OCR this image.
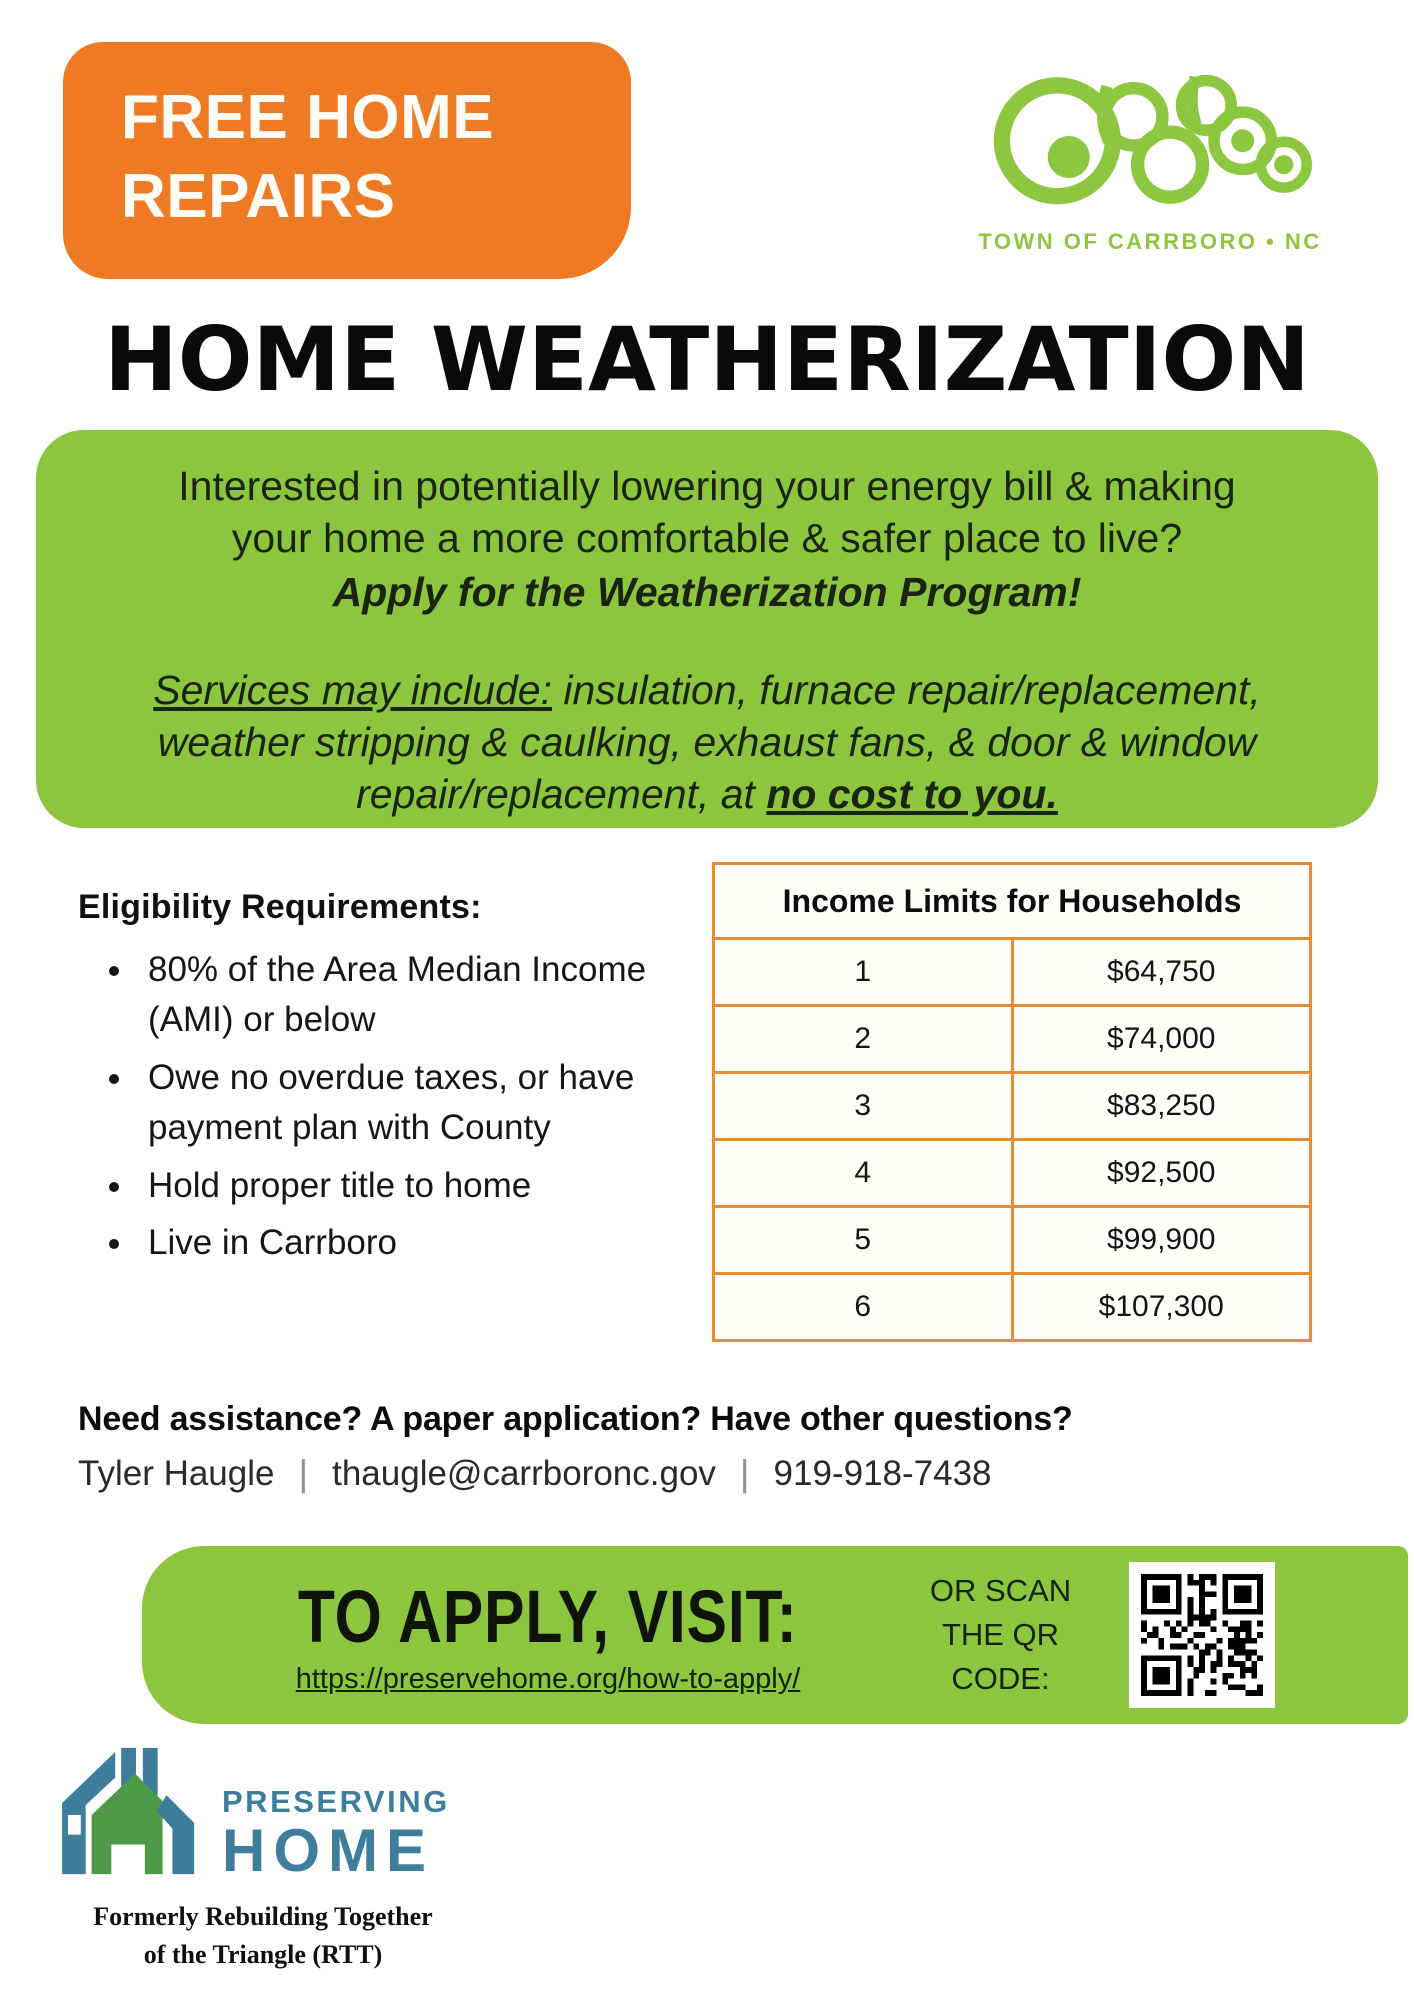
FREE HOME
REPAIRS
TOWN OF CARRBORO • NC
HOME WEATHERIZATION
Interested in potentially lowering your energy bill & making
your home a more comfortable & safer place to live?
Apply for the Weatherization Program!
Services may include: insulation, furnace repair/replacement,
weather stripping & caulking, exhaust fans, & door & window
repair/replacement, at no cost to you.
Eligibility Requirements:
• 80% of the Area Median Income (AMI) or below
• Owe no overdue taxes, or have payment plan with County
• Hold proper title to home
• Live in Carrboro
Income Limits for Households
1	$64,750
2	$74,000
3	$83,250
4	$92,500
5	$99,900
6	$107,300
Need assistance? A paper application? Have other questions?
Tyler Haugle | thaugle@carrboronc.gov | 919-918-7438
TO APPLY, VISIT:
https://preservehome.org/how-to-apply/
OR SCAN
THE QR
CODE:
PRESERVING
HOME
Formerly Rebuilding Together
of the Triangle (RTT)
